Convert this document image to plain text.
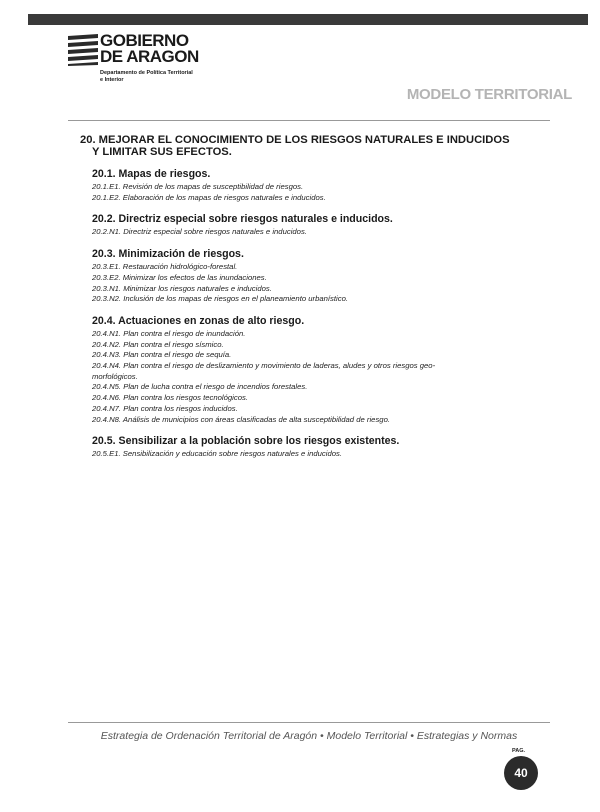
GOBIERNO
DE ARAGON
Departamento de Política Territorial
e Interior
MODELO TERRITORIAL
20. MEJORAR EL CONOCIMIENTO DE LOS RIESGOS NATURALES E INDUCIDOS
Y LIMITAR SUS EFECTOS.
20.1. Mapas de riesgos.
20.1.E1. Revisión de los mapas de susceptibilidad de riesgos.
20.1.E2. Elaboración de los mapas de riesgos naturales e inducidos.
20.2. Directriz especial sobre riesgos naturales e inducidos.
20.2.N1. Directriz especial sobre riesgos naturales e inducidos.
20.3. Minimización de riesgos.
20.3.E1. Restauración hidrológico-forestal.
20.3.E2. Minimizar los efectos de las inundaciones.
20.3.N1. Minimizar los riesgos naturales e inducidos.
20.3.N2. Inclusión de los mapas de riesgos en el planeamiento urbanístico.
20.4. Actuaciones en zonas de alto riesgo.
20.4.N1. Plan contra el riesgo de inundación.
20.4.N2. Plan contra el riesgo sísmico.
20.4.N3. Plan contra el riesgo de sequía.
20.4.N4. Plan contra el riesgo de deslizamiento y movimiento de laderas, aludes y otros riesgos geo-
morfológicos.
20.4.N5. Plan de lucha contra el riesgo de incendios forestales.
20.4.N6. Plan contra los riesgos tecnológicos.
20.4.N7. Plan contra los riesgos inducidos.
20.4.N8. Análisis de municipios con áreas clasificadas de alta susceptibilidad de riesgo.
20.5. Sensibilizar a la población sobre los riesgos existentes.
20.5.E1. Sensibilización y educación sobre riesgos naturales e inducidos.
Estrategia de Ordenación Territorial de Aragón • Modelo Territorial • Estrategias y Normas
PAG.
40
